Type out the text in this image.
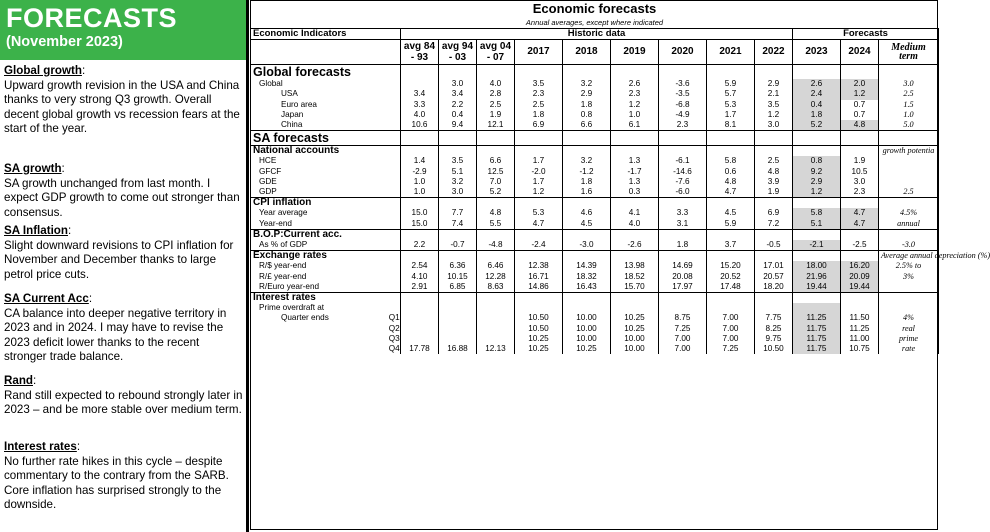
FORECASTS
(November 2023)
Global growth:
Upward growth revision in the USA and China thanks to very strong Q3 growth. Overall decent global growth vs recession fears at the start of the year.
SA growth:
SA growth unchanged from last month. I expect GDP growth to come out stronger than consensus.
SA Inflation:
Slight downward revisions to CPI inflation for November and December thanks to large petrol price cuts.
SA Current Acc:
CA balance into deeper negative territory in 2023 and in 2024. I may have to revise the 2023 deficit lower thanks to the recent stronger trade balance.
Rand:
Rand still expected to rebound strongly later in 2023 – and be more stable over medium term.
Interest rates:
No further rate hikes in this cycle – despite commentary to the contrary from the SARB. Core inflation has surprised strongly to the downside.
Economic forecasts													
Annual averages, except where indicated													
Economic Indicators		Historic data									Forecasts		
		avg 84 - 93	avg 94 - 03	avg 04 - 07	2017	2018	2019	2020	2021	2022	2023	2024	Medium term
Global forecasts													
Global			3.0	4.0	3.5	3.2	2.6	-3.6	5.9	2.9	2.6	2.0	3.0
USA		3.4	3.4	2.8	2.3	2.9	2.3	-3.5	5.7	2.1	2.4	1.2	2.5
Euro area		3.3	2.2	2.5	2.5	1.8	1.2	-6.8	5.3	3.5	0.4	0.7	1.5
Japan		4.0	0.4	1.9	1.8	0.8	1.0	-4.9	1.7	1.2	1.8	0.7	1.0
China		10.6	9.4	12.1	6.9	6.6	6.1	2.3	8.1	3.0	5.2	4.8	5.0
SA forecasts													
National accounts													growth potentia
HCE		1.4	3.5	6.6	1.7	3.2	1.3	-6.1	5.8	2.5	0.8	1.9	
GFCF		-2.9	5.1	12.5	-2.0	-1.2	-1.7	-14.6	0.6	4.8	9.2	10.5	
GDE		1.0	3.2	7.0	1.7	1.8	1.3	-7.6	4.8	3.9	2.9	3.0	
GDP		1.0	3.0	5.2	1.2	1.6	0.3	-6.0	4.7	1.9	1.2	2.3	2.5
CPI inflation													
Year average		15.0	7.7	4.8	5.3	4.6	4.1	3.3	4.5	6.9	5.8	4.7	4.5%
Year-end		15.0	7.4	5.5	4.7	4.5	4.0	3.1	5.9	7.2	5.1	4.7	annual
B.O.P:Current acc.													
As % of GDP		2.2	-0.7	-4.8	-2.4	-3.0	-2.6	1.8	3.7	-0.5	-2.1	-2.5	-3.0
Exchange rates													Average annual depreciation (%)
R/$ year-end		2.54	6.36	6.46	12.38	14.39	13.98	14.69	15.20	17.01	18.00	16.20	2.5% to
R/£ year-end		4.10	10.15	12.28	16.71	18.32	18.52	20.08	20.52	20.57	21.96	20.09	3%
R/Euro year-end		2.91	6.85	8.63	14.86	16.43	15.70	17.97	17.48	18.20	19.44	19.44	
Interest rates													
Prime overdraft at													
Quarter ends	Q1				10.50	10.00	10.25	8.75	7.00	7.75	11.25	11.50	4%
	Q2				10.50	10.00	10.25	7.25	7.00	8.25	11.75	11.25	real
	Q3				10.25	10.00	10.00	7.00	7.00	9.75	11.75	11.00	prime
	Q4	17.78	16.88	12.13	10.25	10.25	10.00	7.00	7.25	10.50	11.75	10.75	rate
